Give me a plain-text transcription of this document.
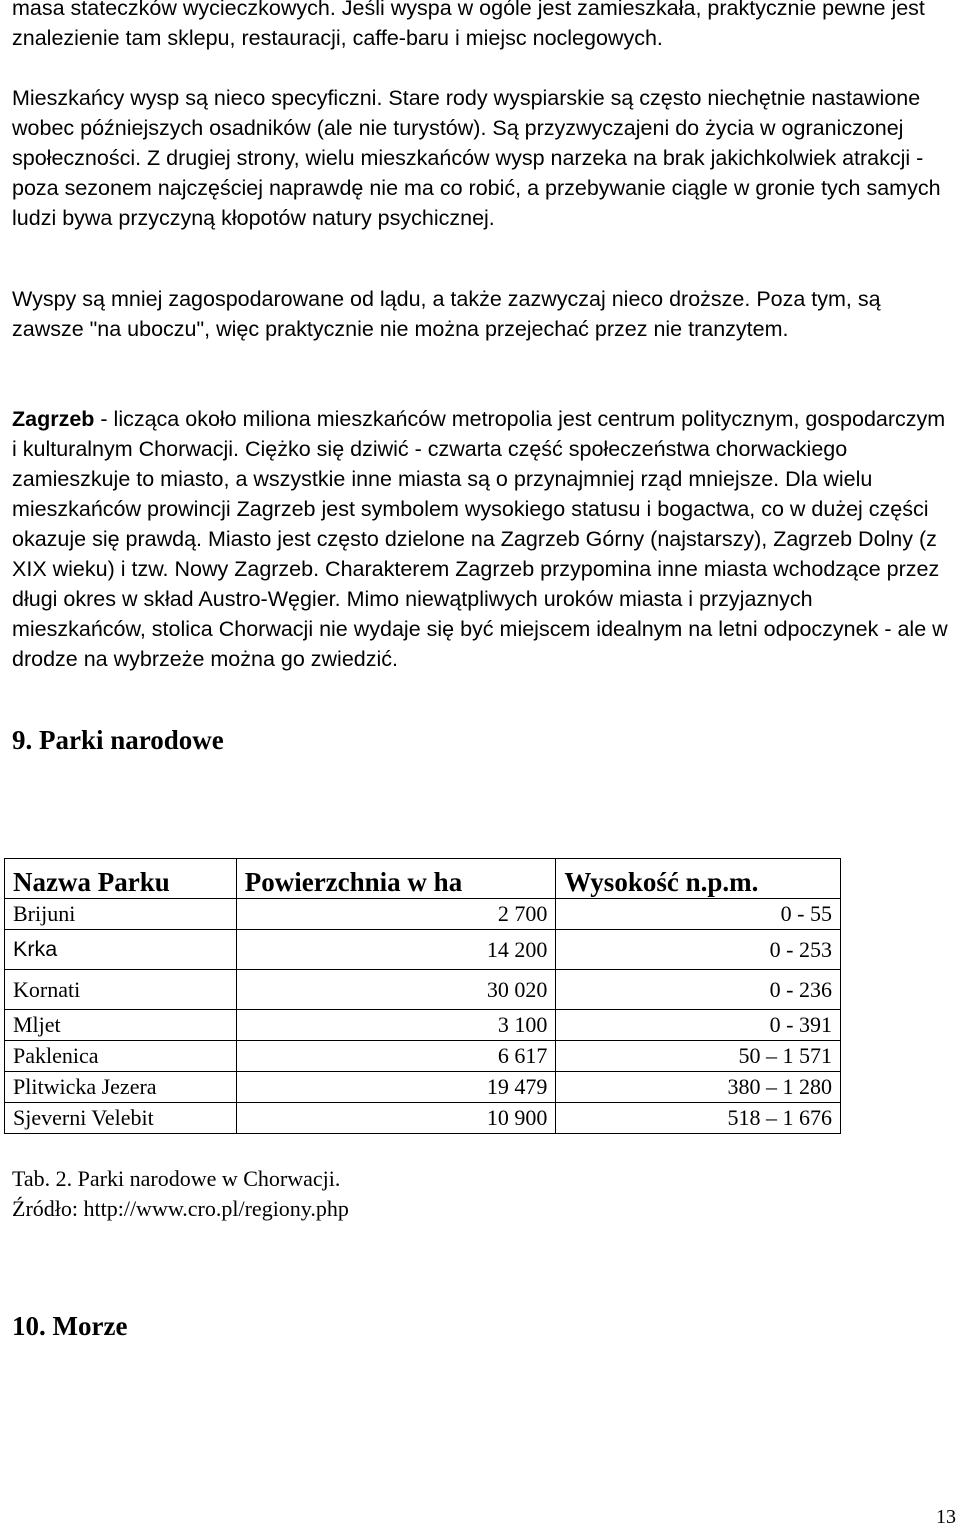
masa stateczków wycieczkowych. Jeśli wyspa w ogóle jest zamieszkała, praktycznie pewne jest znalezienie tam sklepu, restauracji, caffe-baru i miejsc noclegowych.

Mieszkańcy wysp są nieco specyficzni. Stare rody wyspiarskie są często niechętnie nastawione wobec późniejszych osadników (ale nie turystów). Są przyzwyczajeni do życia w ograniczonej społeczności. Z drugiej strony, wielu mieszkańców wysp narzeka na brak jakichkolwiek atrakcji - poza sezonem najczęściej naprawdę nie ma co robić, a przebywanie ciągle w gronie tych samych ludzi bywa przyczyną kłopotów natury psychicznej.

Wyspy są mniej zagospodarowane od lądu, a także zazwyczaj nieco droższe. Poza tym, są zawsze "na uboczu", więc praktycznie nie można przejechać przez nie tranzytem.

Zagrzeb - licząca około miliona mieszkańców metropolia jest centrum politycznym, gospodarczym i kulturalnym Chorwacji. Ciężko się dziwić - czwarta część społeczeństwa chorwackiego zamieszkuje to miasto, a wszystkie inne miasta są o przynajmniej rząd mniejsze. Dla wielu mieszkańców prowincji Zagrzeb jest symbolem wysokiego statusu i bogactwa, co w dużej części okazuje się prawdą. Miasto jest często dzielone na Zagrzeb Górny (najstarszy), Zagrzeb Dolny (z XIX wieku) i tzw. Nowy Zagrzeb. Charakterem Zagrzeb przypomina inne miasta wchodzące przez długi okres w skład Austro-Węgier. Mimo niewątpliwych uroków miasta i przyjaznych mieszkańców, stolica Chorwacji nie wydaje się być miejscem idealnym na letni odpoczynek - ale w drodze na wybrzeże można go zwiedzić.

9. Parki narodowe
Nazwa Parku	Powierzchnia w ha	Wysokość n.p.m.
Brijuni	2 700	0 - 55
Krka	14 200	0 - 253
Kornati	30 020	0 - 236
Mljet	3 100	0 - 391
Paklenica	6 617	50 – 1 571
Plitwicka Jezera	19 479	380 – 1 280
Sjeverni Velebit	10 900	518 – 1 676

Tab. 2. Parki narodowe w Chorwacji.

Źródło: http://www.cro.pl/regiony.php

10. Morze

13
